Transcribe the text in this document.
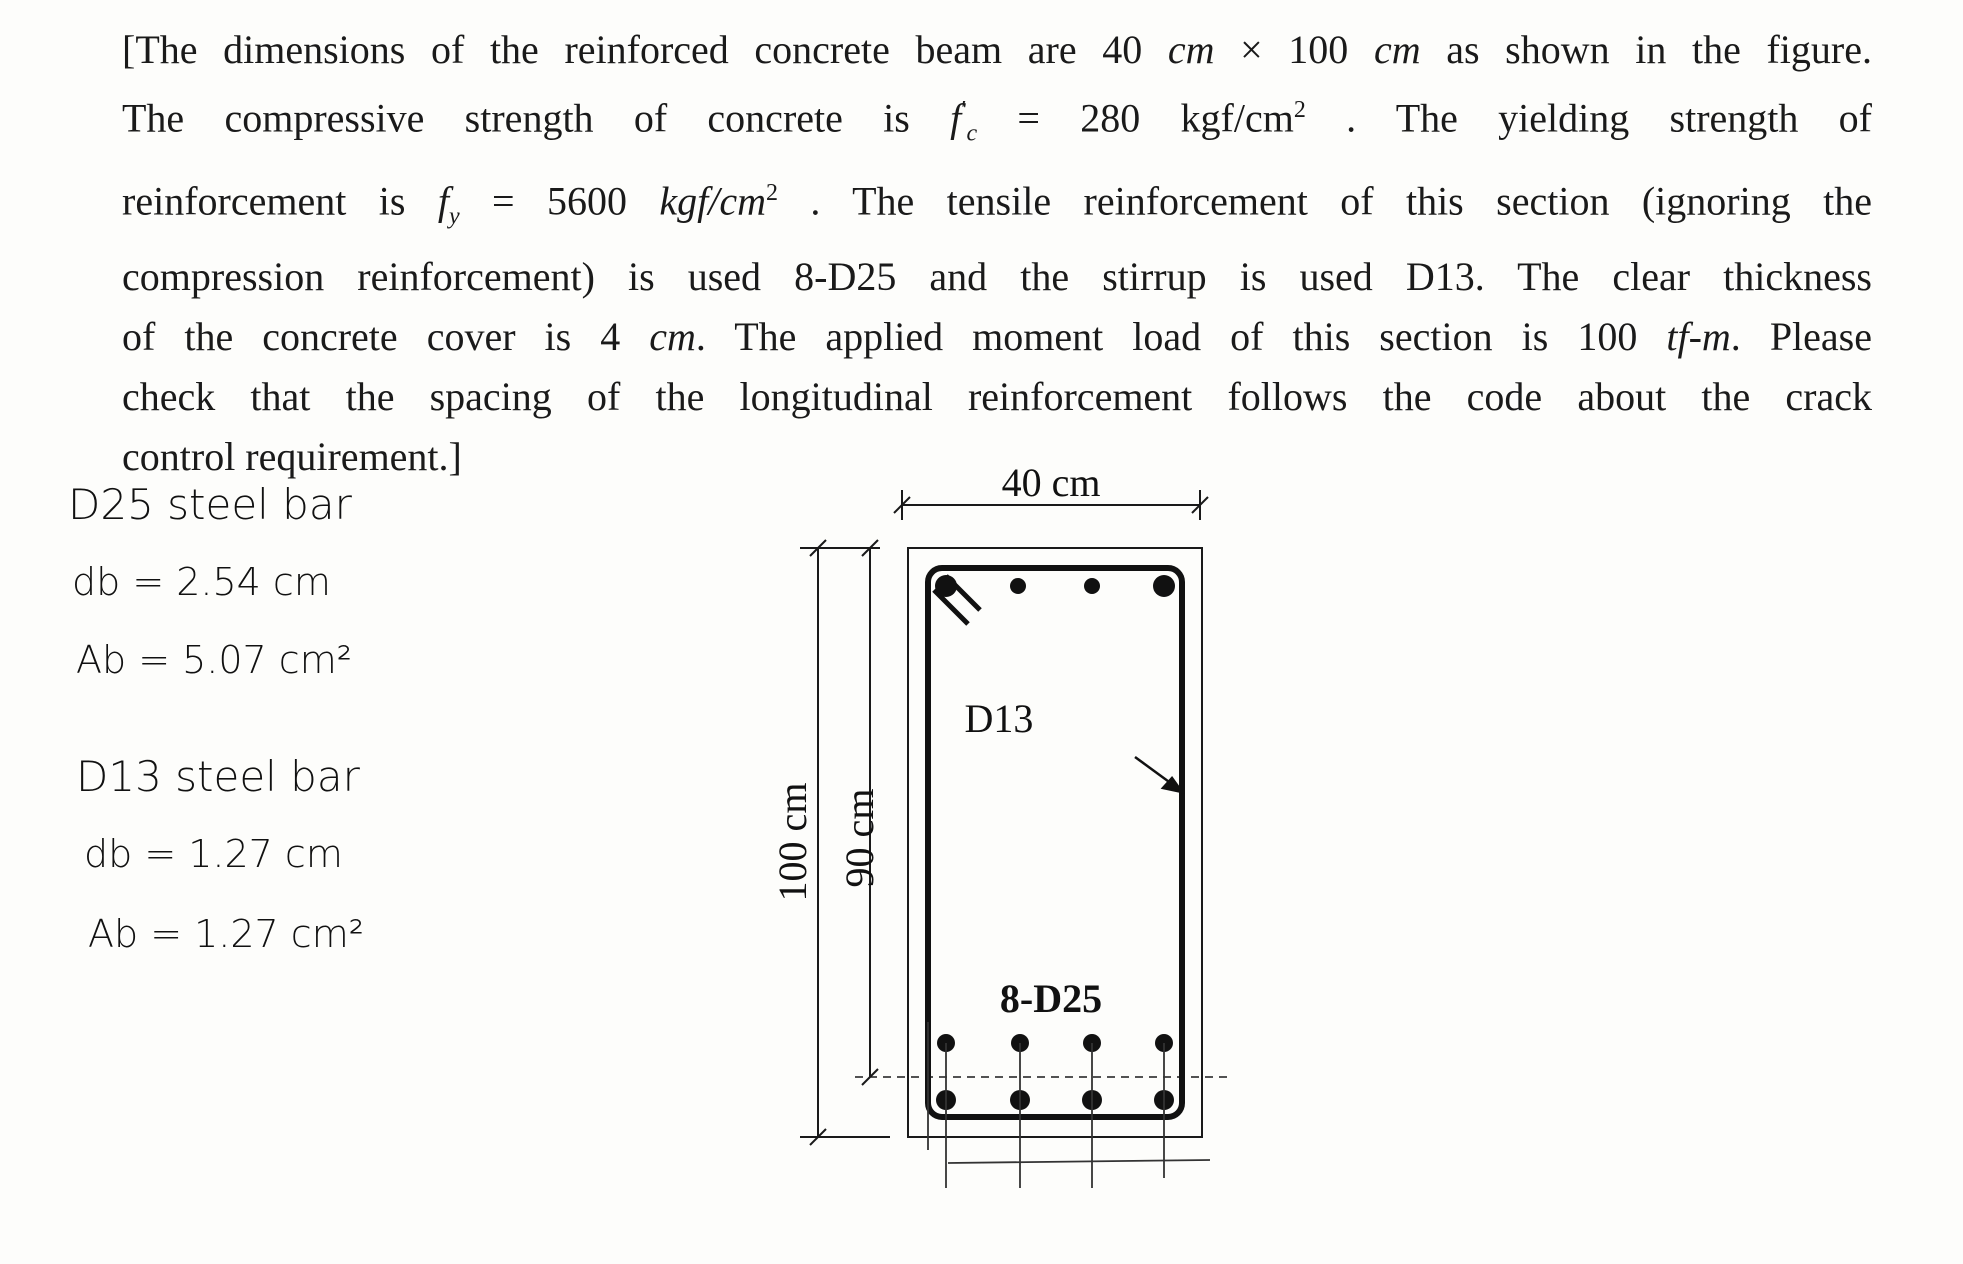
[The dimensions of the reinforced concrete beam are 40 cm × 100 cm as shown in the figure.
The compressive strength of concrete is $f'_c = 280$ kgf/$cm^2$ . The yielding strength of
reinforcement is $f_y = 5600$ kgf/$cm^2$ . The tensile reinforcement of this section (ignoring the
compression reinforcement) is used 8-D25 and the stirrup is used D13. The clear thickness
of the concrete cover is 4 cm. The applied moment load of this section is 100 tf-m. Please
check that the spacing of the longitudinal reinforcement follows the code about the crack
control requirement.]
D25 steel bar
db = 2.54 cm
Ab = 5.07 cm²
D13 steel bar
db = 1.27 cm
Ab = 1.27 cm²
40 cm
100 cm 90 cm
D13
8-D25
